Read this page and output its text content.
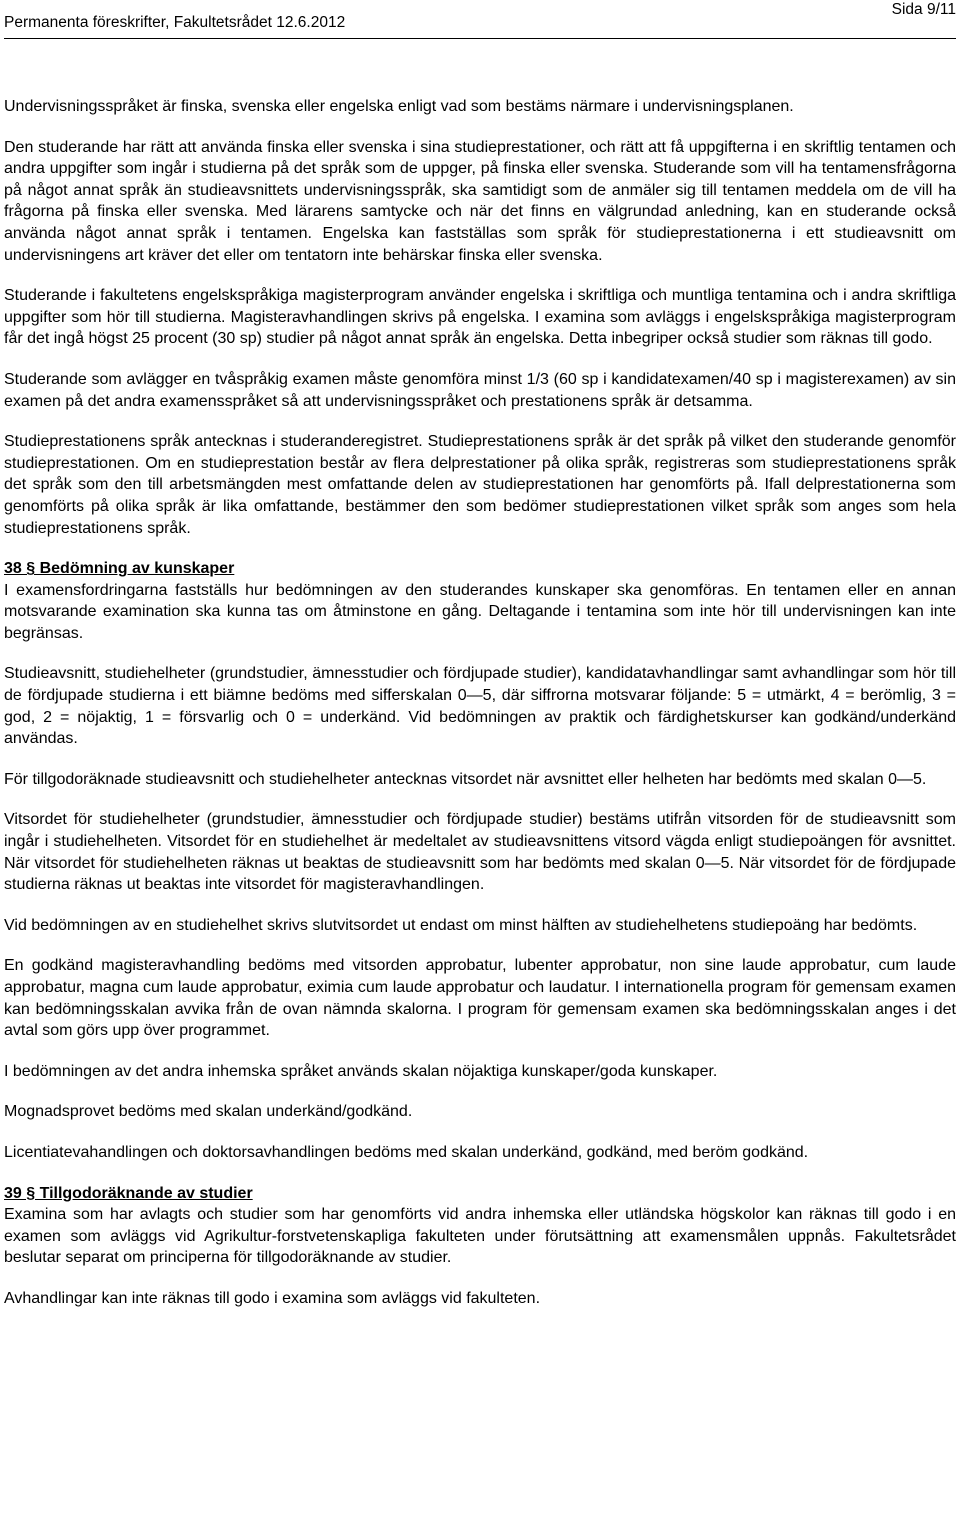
Permanenta föreskrifter, Fakultetsrådet 12.6.2012
Sida 9/11

Undervisningsspråket är finska, svenska eller engelska enligt vad som bestäms närmare i undervisningsplanen.

Den studerande har rätt att använda finska eller svenska i sina studieprestationer, och rätt att få uppgifterna i en skriftlig tentamen och andra uppgifter som ingår i studierna på det språk som de uppger, på finska eller svenska. Studerande som vill ha tentamensfrågorna på något annat språk än studieavsnittets undervisningsspråk, ska samtidigt som de anmäler sig till tentamen meddela om de vill ha frågorna på finska eller svenska. Med lärarens samtycke och när det finns en välgrundad anledning, kan en studerande också använda något annat språk i tentamen. Engelska kan fastställas som språk för studieprestationerna i ett studieavsnitt om undervisningens art kräver det eller om tentatorn inte behärskar finska eller svenska.

Studerande i fakultetens engelskspråkiga magisterprogram använder engelska i skriftliga och muntliga tentamina och i andra skriftliga uppgifter som hör till studierna. Magisteravhandlingen skrivs på engelska. I examina som avläggs i engelskspråkiga magisterprogram får det ingå högst 25 procent (30 sp) studier på något annat språk än engelska. Detta inbegriper också studier som räknas till godo.

Studerande som avlägger en tvåspråkig examen måste genomföra minst 1/3 (60 sp i kandidatexamen/40 sp i magisterexamen) av sin examen på det andra examensspråket så att undervisningsspråket och prestationens språk är detsamma.

Studieprestationens språk antecknas i studeranderegistret. Studieprestationens språk är det språk på vilket den studerande genomför studieprestationen. Om en studieprestation består av flera delprestationer på olika språk, registreras som studieprestationens språk det språk som den till arbetsmängden mest omfattande delen av studieprestationen har genomförts på. Ifall delprestationerna som genomförts på olika språk är lika omfattande, bestämmer den som bedömer studieprestationen vilket språk som anges som hela studieprestationens språk.

38 § Bedömning av kunskaper

I examensfordringarna fastställs hur bedömningen av den studerandes kunskaper ska genomföras. En tentamen eller en annan motsvarande examination ska kunna tas om åtminstone en gång. Deltagande i tentamina som inte hör till undervisningen kan inte begränsas.

Studieavsnitt, studiehelheter (grundstudier, ämnesstudier och fördjupade studier), kandidatavhandlingar samt avhandlingar som hör till de fördjupade studierna i ett biämne bedöms med sifferskalan 0—5, där siffrorna motsvarar följande: 5 = utmärkt, 4 = berömlig, 3 = god, 2 = nöjaktig, 1 = försvarlig och 0 = underkänd. Vid bedömningen av praktik och färdighetskurser kan godkänd/underkänd användas.

För tillgodoräknade studieavsnitt och studiehelheter antecknas vitsordet när avsnittet eller helheten har bedömts med skalan 0—5.

Vitsordet för studiehelheter (grundstudier, ämnesstudier och fördjupade studier) bestäms utifrån vitsorden för de studieavsnitt som ingår i studiehelheten. Vitsordet för en studiehelhet är medeltalet av studieavsnittens vitsord vägda enligt studiepoängen för avsnittet. När vitsordet för studiehelheten räknas ut beaktas de studieavsnitt som har bedömts med skalan 0—5. När vitsordet för de fördjupade studierna räknas ut beaktas inte vitsordet för magisteravhandlingen.

Vid bedömningen av en studiehelhet skrivs slutvitsordet ut endast om minst hälften av studiehelhetens studiepoäng har bedömts.

En godkänd magisteravhandling bedöms med vitsorden approbatur, lubenter approbatur, non sine laude approbatur, cum laude approbatur, magna cum laude approbatur, eximia cum laude approbatur och laudatur. I internationella program för gemensam examen kan bedömningsskalan avvika från de ovan nämnda skalorna. I program för gemensam examen ska bedömningsskalan anges i det avtal som görs upp över programmet.

I bedömningen av det andra inhemska språket används skalan nöjaktiga kunskaper/goda kunskaper.

Mognadsprovet bedöms med skalan underkänd/godkänd.

Licentiatevahandlingen och doktorsavhandlingen bedöms med skalan underkänd, godkänd, med beröm godkänd.

39 § Tillgodoräknande av studier

Examina som har avlagts och studier som har genomförts vid andra inhemska eller utländska högskolor kan räknas till godo i en examen som avläggs vid Agrikultur-forstvetenskapliga fakulteten under förutsättning att examensmålen uppnås. Fakultetsrådet beslutar separat om principerna för tillgodoräknande av studier.

Avhandlingar kan inte räknas till godo i examina som avläggs vid fakulteten.
